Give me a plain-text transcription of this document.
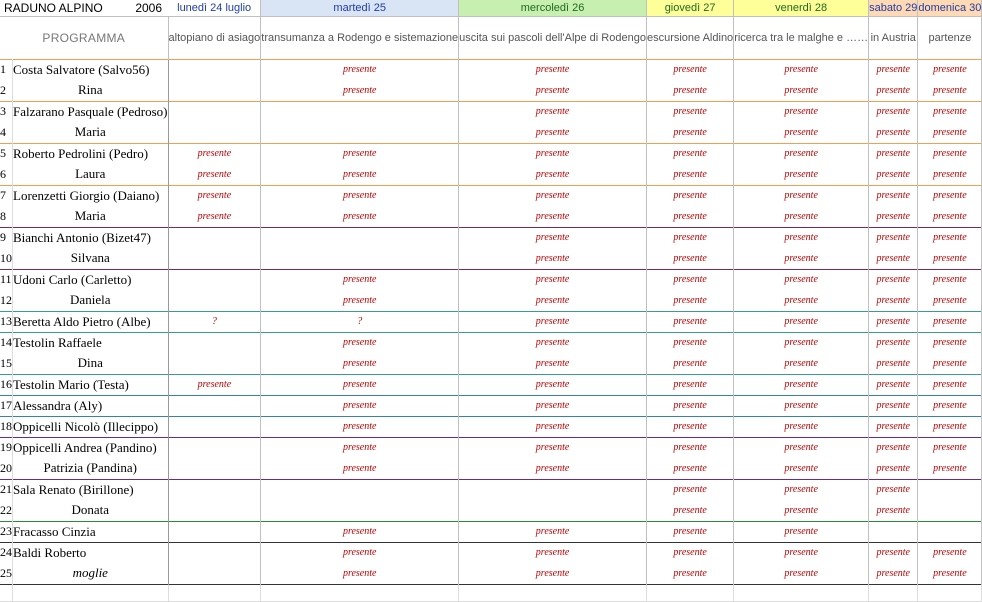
RADUNO ALPINO 2006		lunedì 24 luglio	martedì 25	mercoledì 26	giovedì 27	venerdì 28	sabato 29	domenica 30
PROGRAMMA		altopiano di asiago	transumanza a Rodengo e sistemazione	uscita sui pascoli dell'Alpe di Rodengo	escursione Aldino	ricerca tra le malghe e ……	in Austria	partenze
1	Costa Salvatore (Salvo56)		presente	presente	presente	presente	presente	presente
2	Rina		presente	presente	presente	presente	presente	presente
3	Falzarano Pasquale (Pedroso)			presente	presente	presente	presente	presente
4	Maria			presente	presente	presente	presente	presente
5	Roberto Pedrolini (Pedro)	presente	presente	presente	presente	presente	presente	presente
6	Laura	presente	presente	presente	presente	presente	presente	presente
7	Lorenzetti Giorgio (Daiano)	presente	presente	presente	presente	presente	presente	presente
8	Maria	presente	presente	presente	presente	presente	presente	presente
9	Bianchi Antonio (Bizet47)			presente	presente	presente	presente	presente
10	Silvana			presente	presente	presente	presente	presente
11	Udoni Carlo (Carletto)		presente	presente	presente	presente	presente	presente
12	Daniela		presente	presente	presente	presente	presente	presente
13	Beretta Aldo Pietro (Albe)	?	?	presente	presente	presente	presente	presente
14	Testolin Raffaele		presente	presente	presente	presente	presente	presente
15	Dina		presente	presente	presente	presente	presente	presente
16	Testolin Mario (Testa)	presente	presente	presente	presente	presente	presente	presente
17	Alessandra (Aly)		presente	presente	presente	presente	presente	presente
18	Oppicelli Nicolò (Illecippo)		presente	presente	presente	presente	presente	presente
19	Oppicelli Andrea (Pandino)		presente	presente	presente	presente	presente	presente
20	Patrizia (Pandina)		presente	presente	presente	presente	presente	presente
21	Sala Renato (Birillone)				presente	presente	presente	
22	Donata				presente	presente	presente	
23	Fracasso Cinzia		presente	presente	presente	presente		
24	Baldi Roberto		presente	presente	presente	presente	presente	presente
25	moglie		presente	presente	presente	presente	presente	presente
